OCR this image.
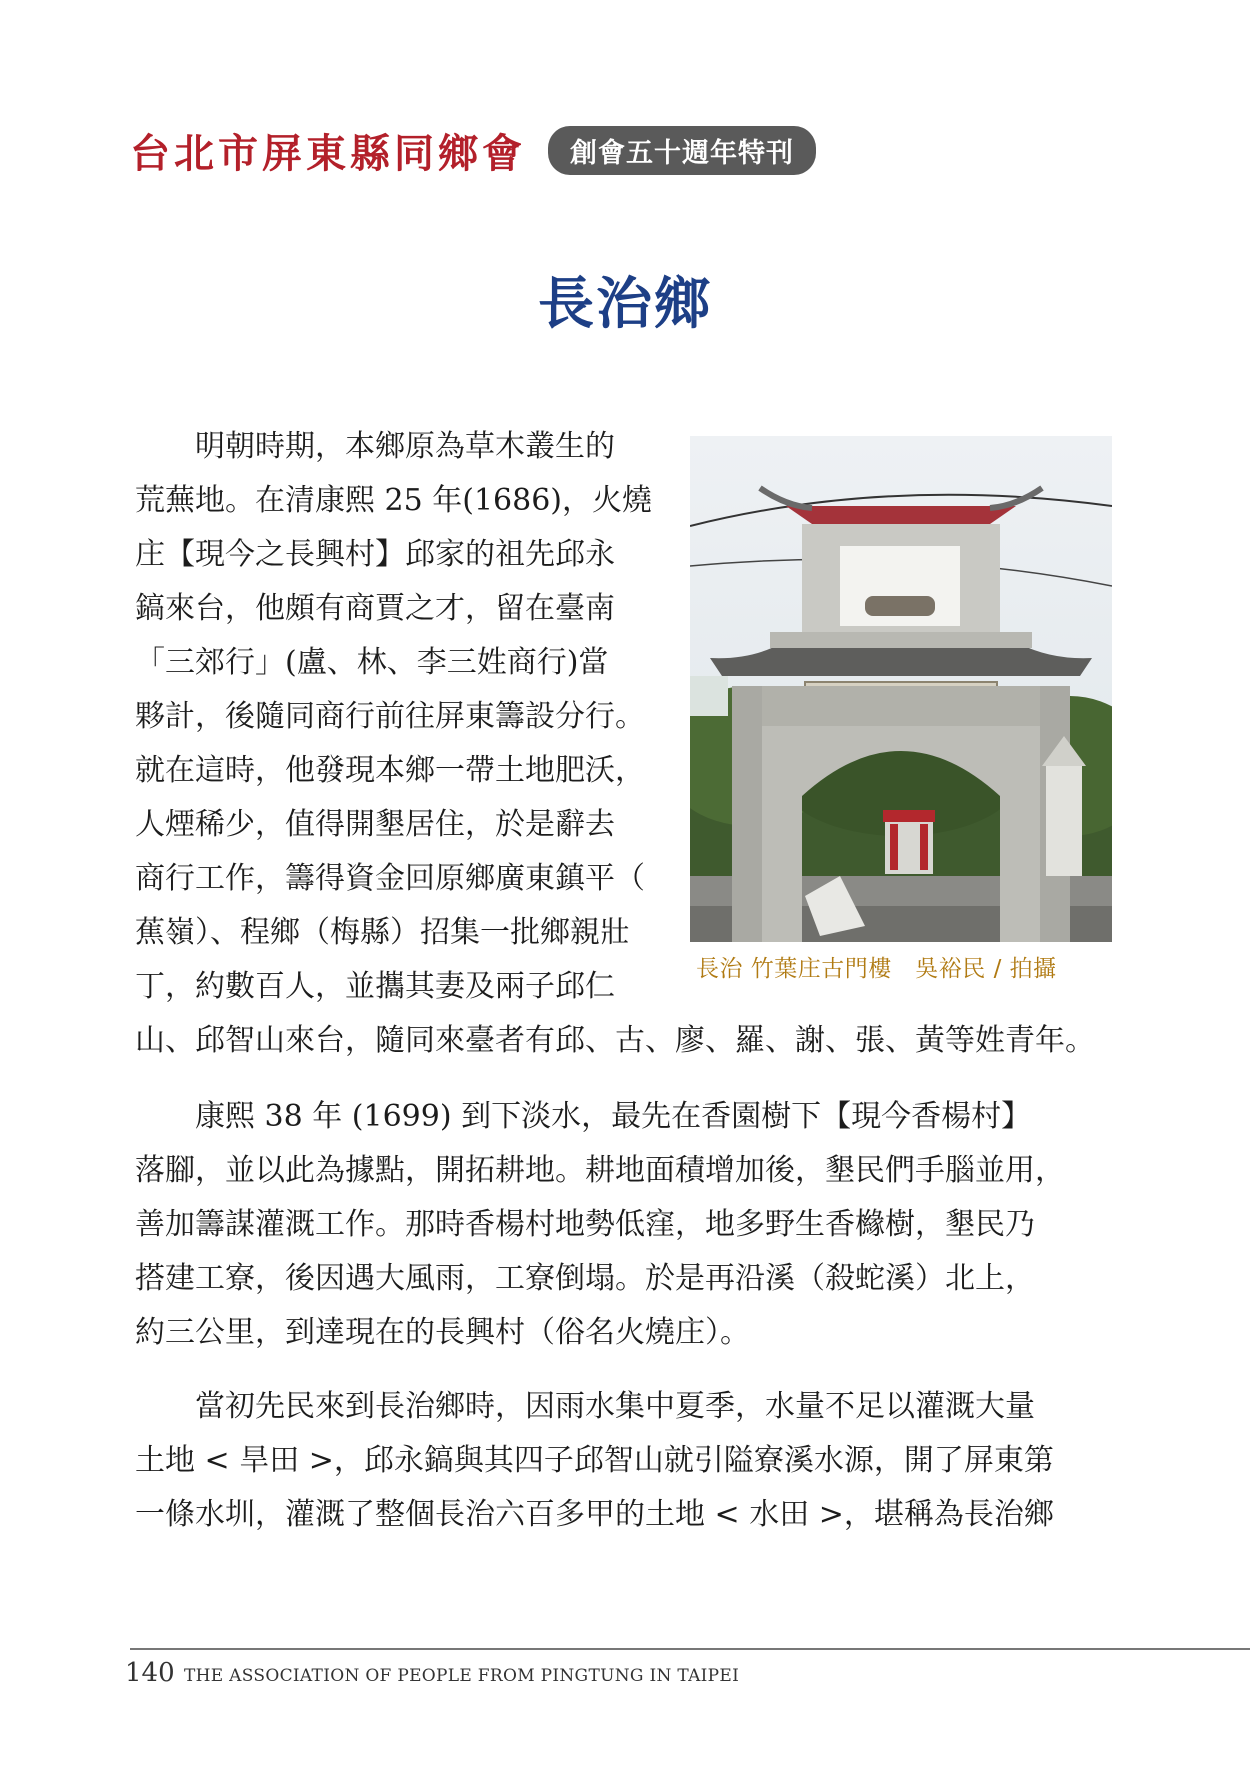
台北市屏東縣同鄉會	創會五十週年特刊
長治鄉
長治 竹葉庄古門樓　吳裕民 / 拍攝

　　明朝時期，本鄉原為草木叢生的
荒蕪地。在清康熙 25 年(1686)，火燒
庄【現今之長興村】邱家的祖先邱永
鎬來台，他頗有商賈之才，留在臺南
「三郊行」(盧、林、李三姓商行)當
夥計，後隨同商行前往屏東籌設分行。
就在這時，他發現本鄉一帶土地肥沃，
人煙稀少，值得開墾居住，於是辭去
商行工作，籌得資金回原鄉廣東鎮平（
蕉嶺）、程鄉（梅縣）招集一批鄉親壯
丁，約數百人，並攜其妻及兩子邱仁
山、邱智山來台，隨同來臺者有邱、古、廖、羅、謝、張、黃等姓青年。

　　康熙 38 年 (1699) 到下淡水，最先在香園樹下【現今香楊村】
落腳，並以此為據點，開拓耕地。耕地面積增加後，墾民們手腦並用，
善加籌謀灌溉工作。那時香楊村地勢低窪，地多野生香櫞樹，墾民乃
搭建工寮，後因遇大風雨，工寮倒塌。於是再沿溪（殺蛇溪）北上，
約三公里，到達現在的長興村（俗名火燒庄）。

　　當初先民來到長治鄉時，因雨水集中夏季，水量不足以灌溉大量
土地 < 旱田 >，邱永鎬與其四子邱智山就引隘寮溪水源，開了屏東第
一條水圳，灌溉了整個長治六百多甲的土地 < 水田 >，堪稱為長治鄉

140 THE ASSOCIATION OF PEOPLE FROM PINGTUNG IN TAIPEI
